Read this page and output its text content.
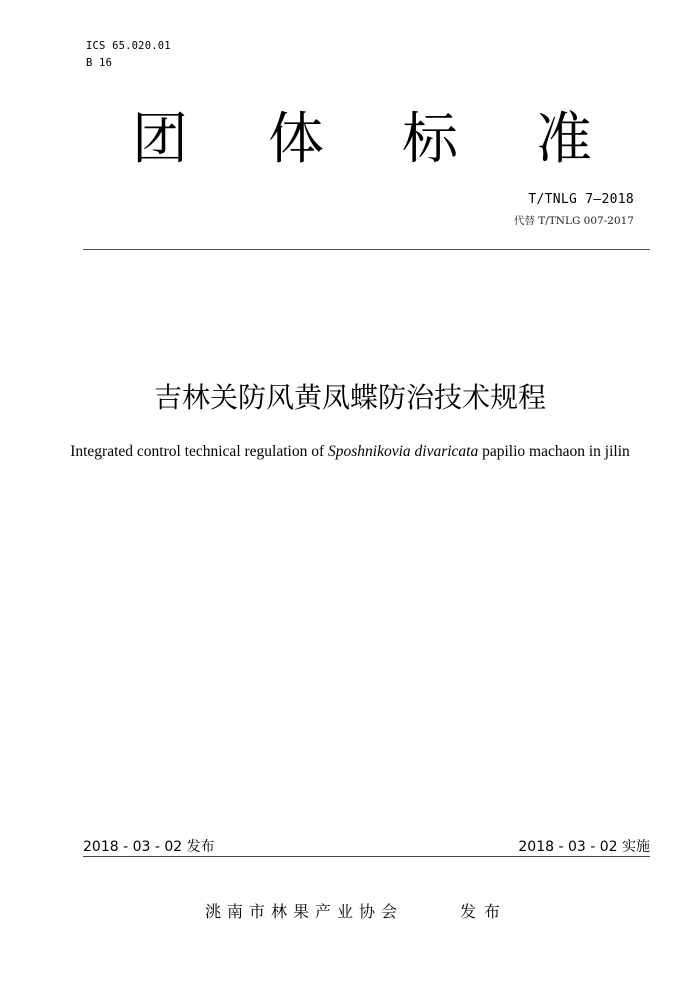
ICS 65.020.01
B 16
团 体 标 准
T/TNLG 7—2018
代替 T/TNLG 007-2017
吉林关防风黄凤蝶防治技术规程
Integrated control technical regulation of Sposhnikovia divaricata papilio machaon in jilin
2018 - 03 - 02 发布	2018 - 03 - 02 实施
洮南市林果产业协会	发布
